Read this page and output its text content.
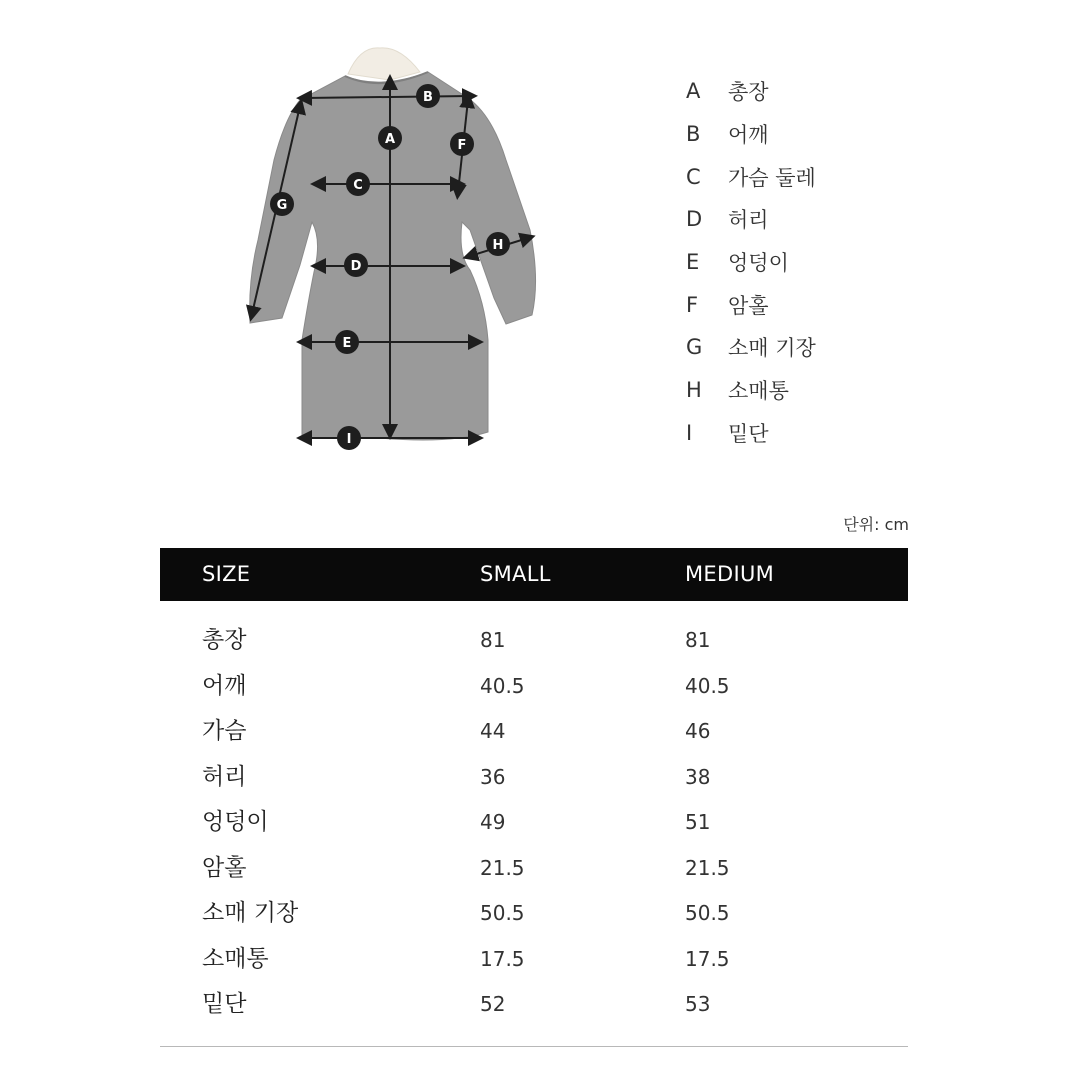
A
B
F
C
G
H
D
E
I
A	총장
B	어깨
C	가슴 둘레
D	허리
E	엉덩이
F	암홀
G	소매 기장
H	소매통
I	밑단
단위: cm
SIZE	SMALL	MEDIUM
총장	81	81
어깨	40.5	40.5
가슴	44	46
허리	36	38
엉덩이	49	51
암홀	21.5	21.5
소매 기장	50.5	50.5
소매통	17.5	17.5
밑단	52	53
